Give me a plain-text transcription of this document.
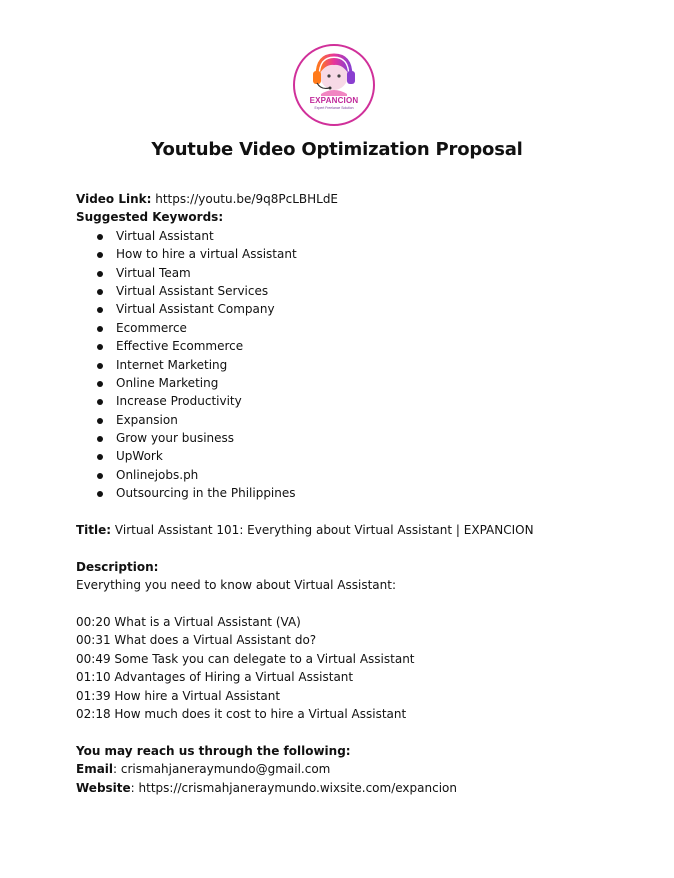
EXPANCION
Expert Freelance Solution
Youtube Video Optimization Proposal
Video Link: https://youtu.be/9q8PcLBHLdE
Suggested Keywords:
Virtual Assistant
How to hire a virtual Assistant
Virtual Team
Virtual Assistant Services
Virtual Assistant Company
Ecommerce
Effective Ecommerce
Internet Marketing
Online Marketing
Increase Productivity
Expansion
Grow your business
UpWork
Onlinejobs.ph
Outsourcing in the Philippines
Title: Virtual Assistant 101: Everything about Virtual Assistant | EXPANCION
Description:
Everything you need to know about Virtual Assistant:
00:20 What is a Virtual Assistant (VA)
00:31 What does a Virtual Assistant do?
00:49 Some Task you can delegate to a Virtual Assistant
01:10 Advantages of Hiring a Virtual Assistant
01:39 How hire a Virtual Assistant
02:18 How much does it cost to hire a Virtual Assistant
You may reach us through the following:
Email: crismahjaneraymundo@gmail.com
Website: https://crismahjaneraymundo.wixsite.com/expancion
